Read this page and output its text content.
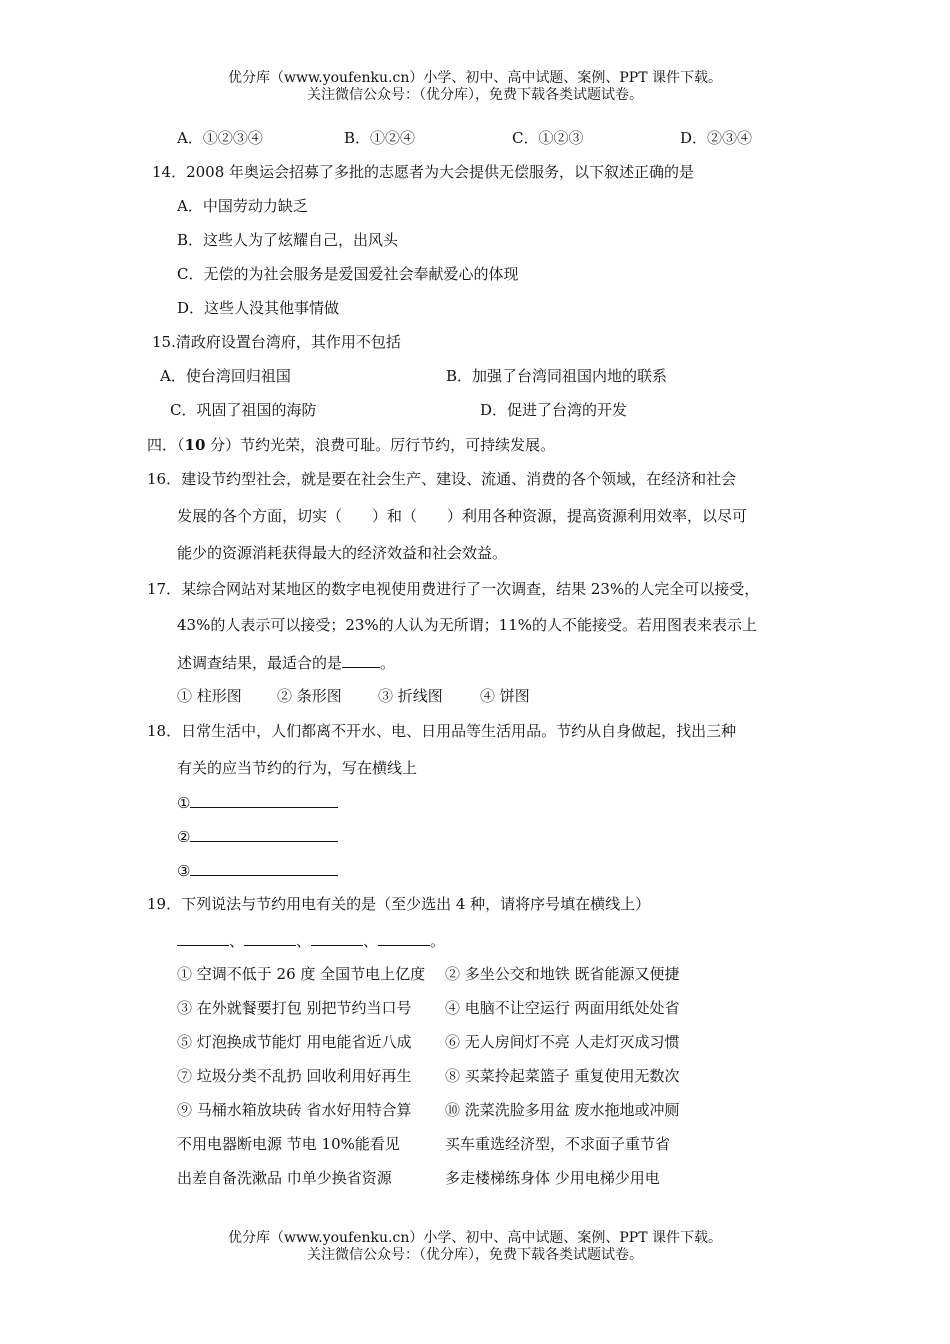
优分库（www.youfenku.cn）小学、初中、高中试题、案例、PPT 课件下载。
关注微信公众号：（优分库），免费下载各类试题试卷。
A．①②③④	B．①②④	C．①②③	D．②③④
14．2008 年奥运会招募了多批的志愿者为大会提供无偿服务，以下叙述正确的是
A．中国劳动力缺乏
B．这些人为了炫耀自己，出风头
C．无偿的为社会服务是爱国爱社会奉献爱心的体现
D．这些人没其他事情做
15.清政府设置台湾府，其作用不包括
A．使台湾回归祖国	B．加强了台湾同祖国内地的联系
C．巩固了祖国的海防	D．促进了台湾的开发
四．（10 分）节约光荣，浪费可耻。厉行节约，可持续发展。
16．建设节约型社会，就是要在社会生产、建设、流通、消费的各个领域，在经济和社会
发展的各个方面，切实（　　）和（　　）利用各种资源，提高资源利用效率，以尽可
能少的资源消耗获得最大的经济效益和社会效益。
17．某综合网站对某地区的数字电视使用费进行了一次调查，结果 23%的人完全可以接受，
43%的人表示可以接受；23%的人认为无所谓；11%的人不能接受。若用图表来表示上
述调查结果，最适合的是	。
① 柱形图 ② 条形图 ③ 折线图 ④ 饼图
18．日常生活中，人们都离不开水、电、日用品等生活用品。节约从自身做起，找出三种
有关的应当节约的行为，写在横线上
①
②
③
19．下列说法与节约用电有关的是（至少选出 4 种，请将序号填在横线上）
、	、	、	。
① 空调不低于 26 度 全国节电上亿度 ② 多坐公交和地铁 既省能源又便捷
③ 在外就餐要打包 别把节约当口号 ④ 电脑不让空运行 两面用纸处处省
⑤ 灯泡换成节能灯 用电能省近八成 ⑥ 无人房间灯不亮 人走灯灭成习惯
⑦ 垃圾分类不乱扔 回收利用好再生 ⑧ 买菜拎起菜篮子 重复使用无数次
⑨ 马桶水箱放块砖 省水好用特合算 ⑩ 洗菜洗脸多用盆 废水拖地或冲厕
不用电器断电源 节电 10%能看见	买车重选经济型，不求面子重节省
出差自备洗漱品 巾单少换省资源	多走楼梯练身体 少用电梯少用电
优分库（www.youfenku.cn）小学、初中、高中试题、案例、PPT 课件下载。
关注微信公众号：（优分库），免费下载各类试题试卷。
